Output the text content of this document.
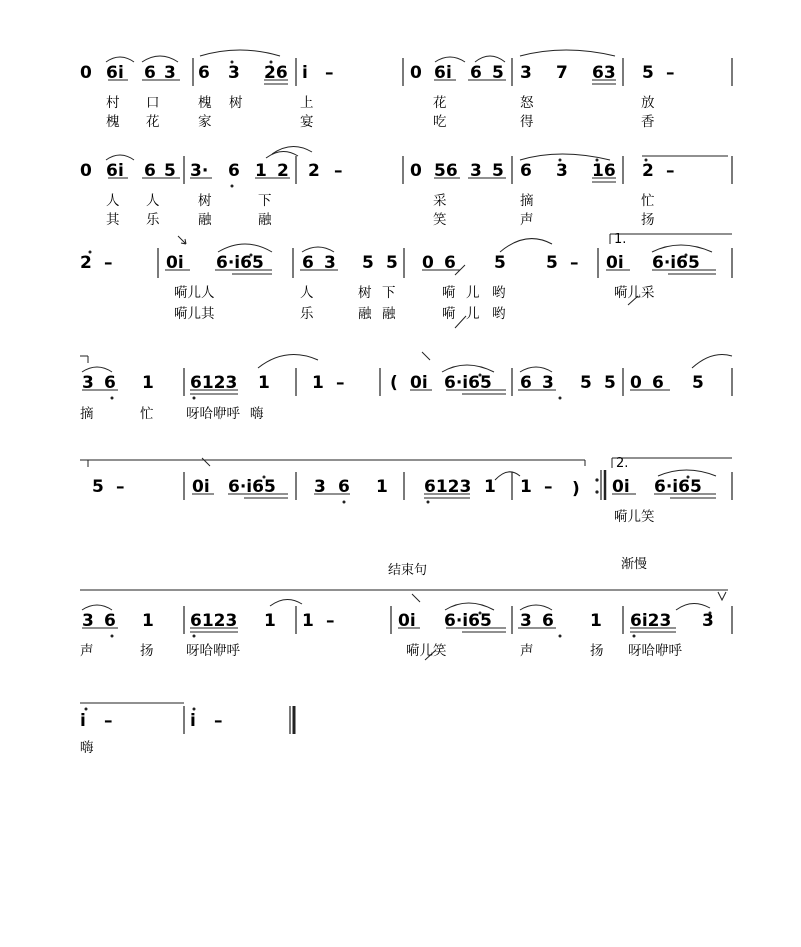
0 6 i 6 3 6 3 26 i –	0 6 i 6 5 3 7 63 5 –
村 口	槐 树	上	花	怒	放
槐 花	家	宴	吃	得	香
0 6 i 6 5 3· 6 1 2 2 –	0 56 3 5 6 3 16 2 –
人 人	树	下	采	摘	忙
其 乐	融	融	笑	声	扬
1.
2 –	0i 6·i65 6 3 5 5 0 6 5 5 – 0i 6·i65
嗬儿人	人	树 下	嗬 儿 哟	嗬儿采
嗬儿其	乐	融 融	嗬 儿 哟
3 6 1 6123 1 1 –	( 0i 6·i65 6 3 5 5 0 6 5
摘	忙 呀哈咿呼 嗨
2.
5 –	0i 6·i65 3 6 1 6123 1 1 – ) 0i 6·i65
嗬儿笑
结束句	渐慢
3 6 1 6123 1 1 –	0i 6·i65 3 6 1 6i23 3
声	扬 呀哈咿呼	嗬儿笑	声	扬 呀哈咿呼
i –	i –
嗨
